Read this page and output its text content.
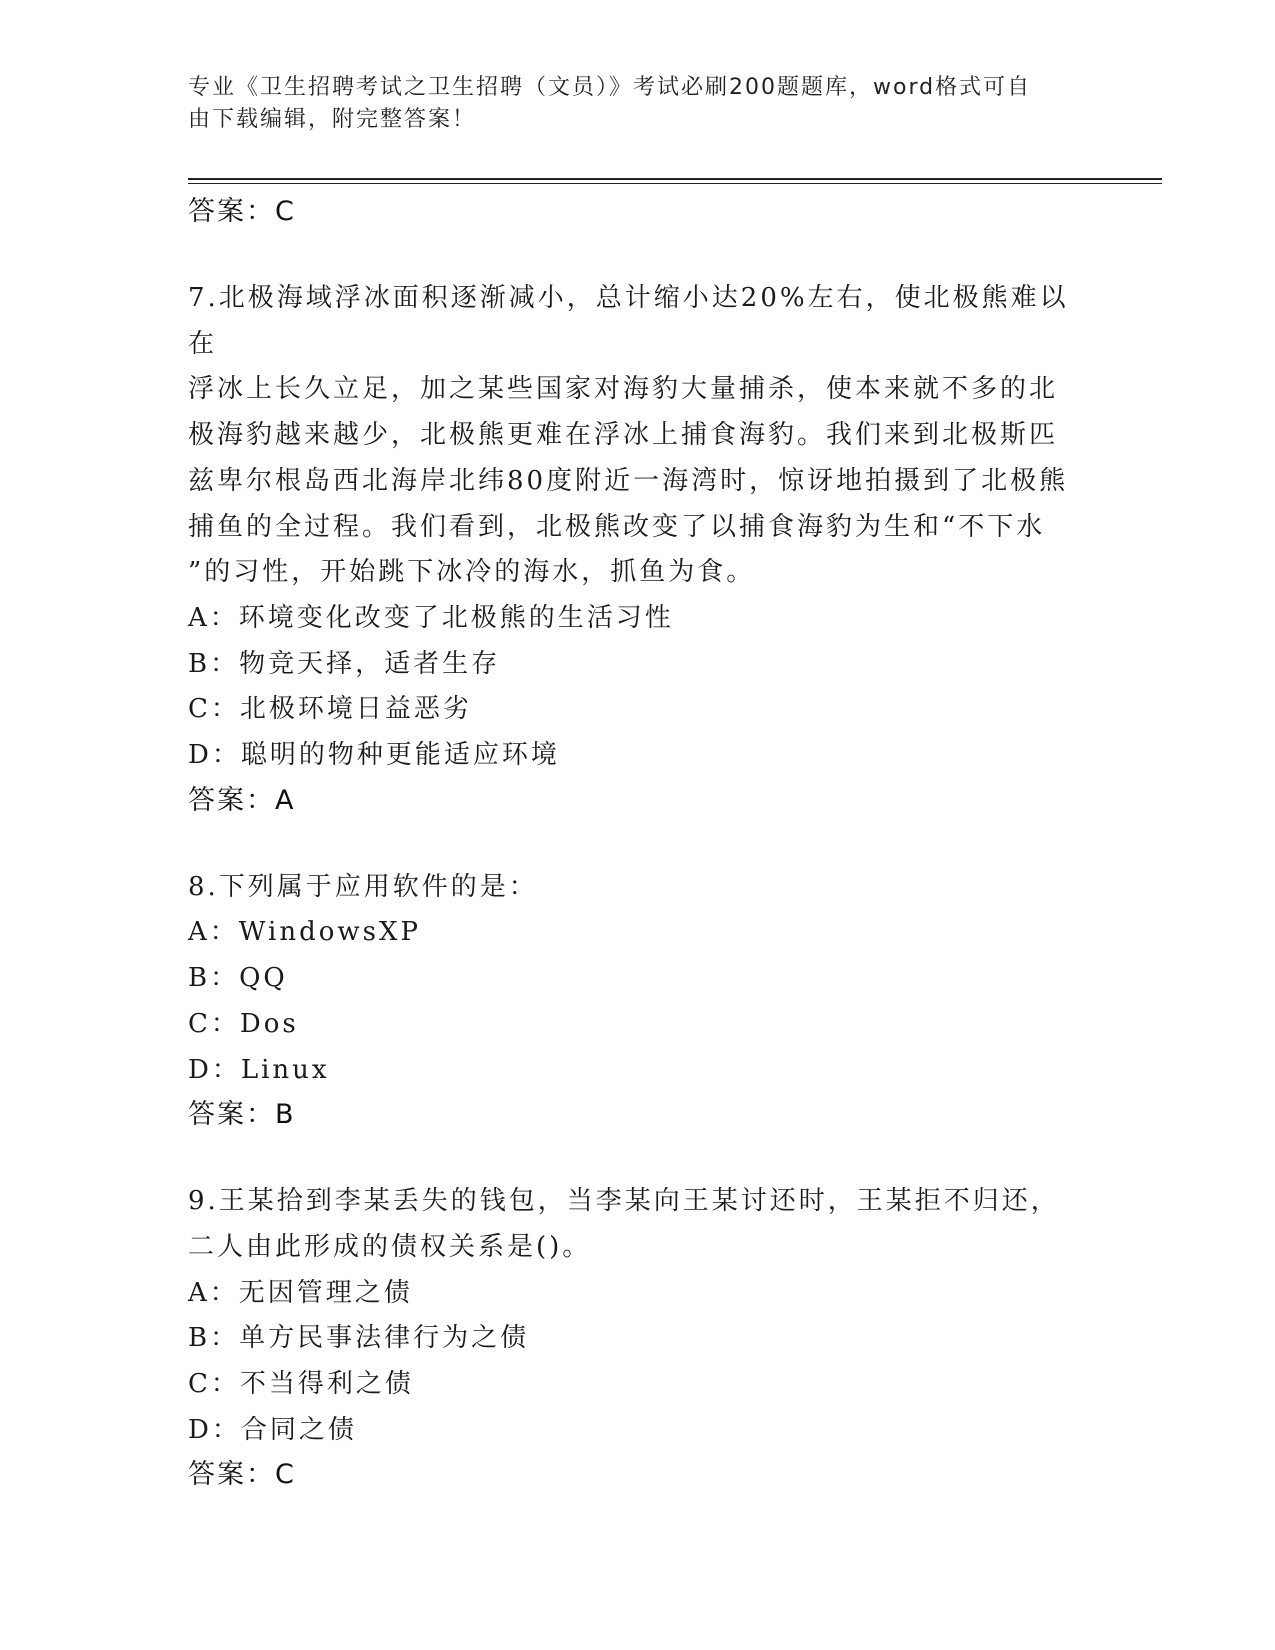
专业《卫生招聘考试之卫生招聘（文员）》考试必刷200题题库，word格式可自
由下载编辑，附完整答案！

答案：C

7.北极海域浮冰面积逐渐减小，总计缩小达20%左右，使北极熊难以在

浮冰上长久立足，加之某些国家对海豹大量捕杀，使本来就不多的北

极海豹越来越少，北极熊更难在浮冰上捕食海豹。我们来到北极斯匹

兹卑尔根岛西北海岸北纬80度附近一海湾时，惊讶地拍摄到了北极熊

捕鱼的全过程。我们看到，北极熊改变了以捕食海豹为生和“不下水

”的习性，开始跳下冰冷的海水，抓鱼为食。

A：环境变化改变了北极熊的生活习性

B：物竞天择，适者生存

C：北极环境日益恶劣

D：聪明的物种更能适应环境

答案：A

8.下列属于应用软件的是：

A：WindowsXP

B：QQ

C：Dos

D：Linux

答案：B

9.王某拾到李某丢失的钱包，当李某向王某讨还时，王某拒不归还，

二人由此形成的债权关系是()。

A：无因管理之债

B：单方民事法律行为之债

C：不当得利之债

D：合同之债

答案：C
